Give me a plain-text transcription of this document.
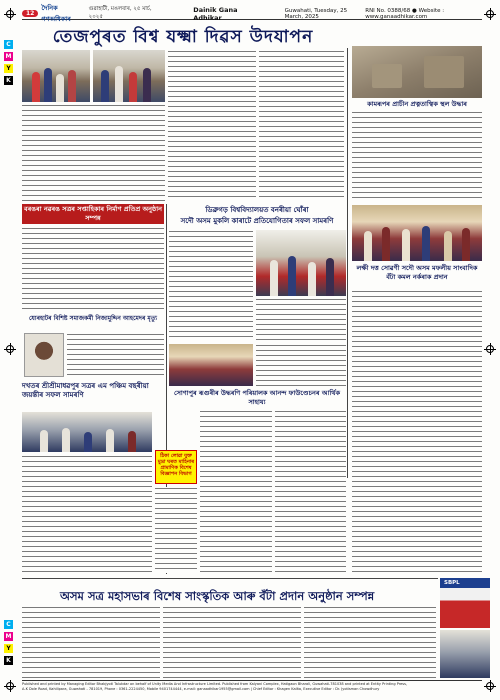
C
M
Y
K
C
M
Y
K
12
দৈনিক গণঅধিকাৰ
গুৱাহাটী, মঙলবাৰ, ২৫ মার্চ, ২০২৫
Dainik Gana Adhikar
Guwahati, Tuesday, 25 March, 2025
RNI No. 0388/68 ● Website : www.ganaadhikar.com
তেজপুৰত বিশ্ব যক্ষ্মা দিৱস উদযাপন
কামৰূপৰ প্ৰাচীন প্ৰত্নতাত্বিক স্থল উদ্ধাৰ
লক্ষী দত্ত সোৱণী সদৌ অসম মফলীয় সাংবাদিক বঁটা কমল নৰ্কৰাক প্ৰদান
ডিব্ৰুগড় বিশ্ববিদ্যালয়ত বনৰীয়া ঘোঁৰা
সদৌ অসম মুকলি কাৰাটে প্ৰতিযোগিতাৰ সফল সামৰণি
বৰঙৰা নৱৰঙ সত্ৰৰ সপ্তাহিকাৰ নিৰ্মাণ প্ৰতিপ্ৰ অনুষ্ঠান সম্পন্ন
যোৰহাটৰ বিশিষ্ট সমাজকৰ্মী নিজামুদ্দিন আহমেদৰ মৃত্যু
দখতৰ শ্ৰীশ্ৰীমাধৱপুৰ সত্ৰৰ এম পঞ্চিম বছৰীয়া জয়ন্তীৰ সফল সামৰণি
ঠিকা লোৱা যুক্ত মুদ্ৰা ঘৰত মাহিনাৰ প্ৰামাণিক বিশেষ বিজ্ঞাপন বিভাগ
সোণাপুৰ ৰূগুৰীৰ উদ্ধৰণি পৰিয়ালক আনন্দ ফাউণ্ডেচনৰ আৰ্থিক সাহায্য
অসম সত্ৰ মহাসভাৰ বিশেষ সাংস্কৃতিক আৰু বঁটা প্ৰদান অনুষ্ঠান সম্পন্ন
SBPL
Published and printed by Managing Editor Bhabjyoti Talukdar on behalf of Unity Media And Infrastructure Limited. Published from Kalyani Complex, Hatigaon Bharali, Guwahati-781038 and printed at Entity Printing Press,
A-K Dole Road, Kahilipara, Guwahati - 781019, Phone : 0361-2224450, Mobile 9401744444, e-mail: ganaadhikar1955@gmail.com | Chief Editor : Khagen Kalita, Executive Editor : Dr. Jyotisman Chowdhury
